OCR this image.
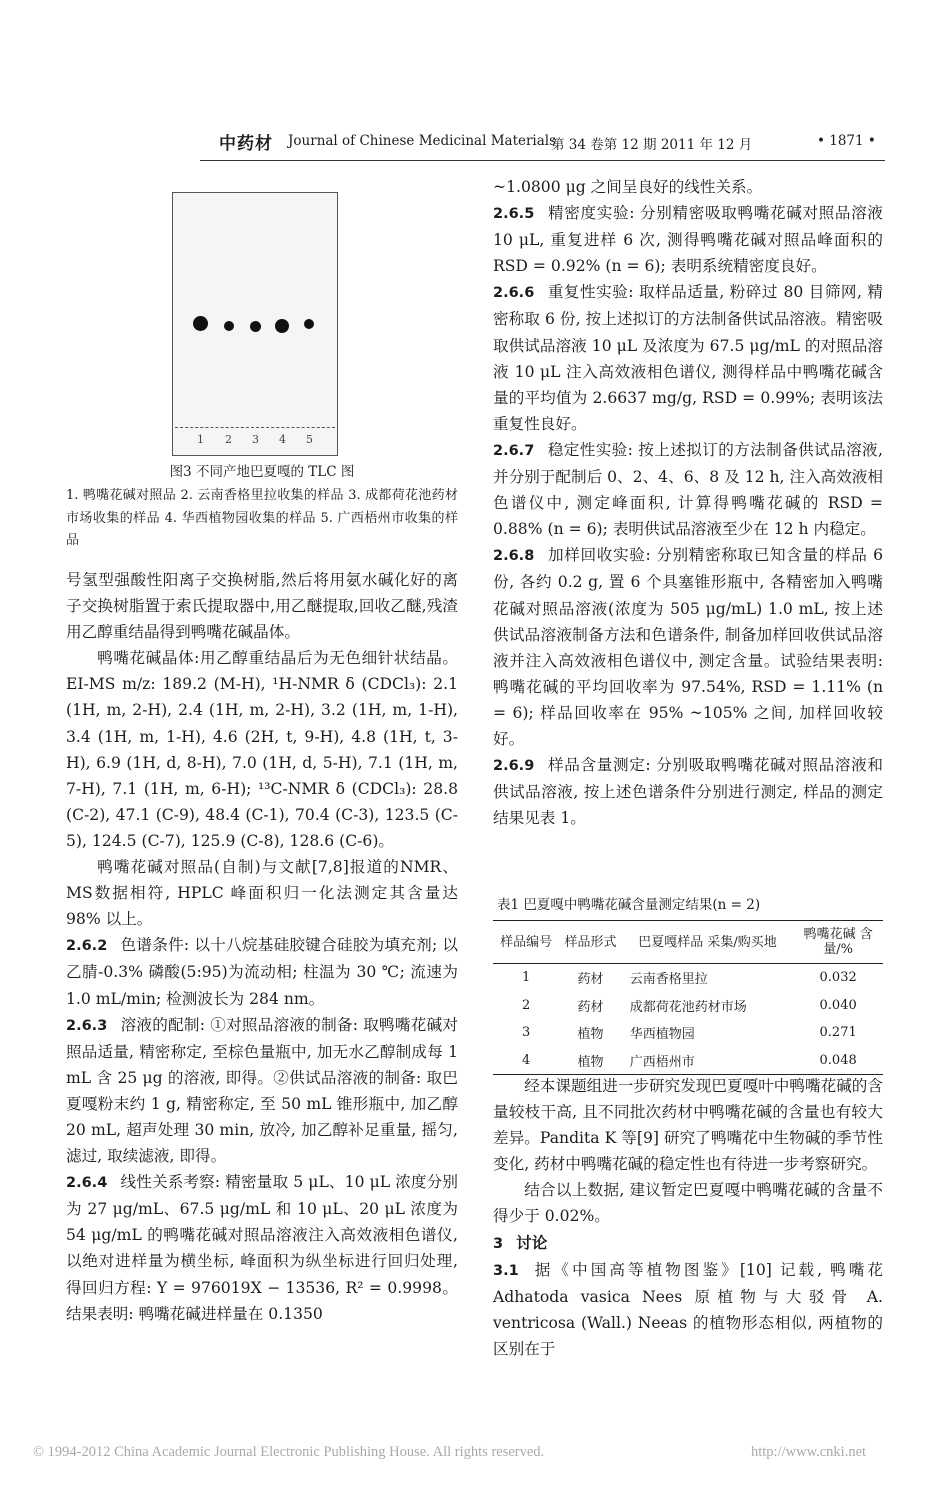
中药材 Journal of Chinese Medicinal Materials
第 34 卷第 12 期 2011 年 12 月	• 1871 •
1 2 3 4 5
图3 不同产地巴夏嘎的 TLC 图
1. 鸭嘴花碱对照品 2. 云南香格里拉收集的样品 3. 成都荷花池药材市场收集的样品 4. 华西植物园收集的样品 5. 广西梧州市收集的样品

号氢型强酸性阳离子交换树脂,然后将用氨水碱化好的离子交换树脂置于索氏提取器中,用乙醚提取,回收乙醚,残渣用乙醇重结晶得到鸭嘴花碱晶体。

鸭嘴花碱晶体:用乙醇重结晶后为无色细针状结晶。EI-MS m/z: 189.2 (M-H), ¹H-NMR δ (CDCl₃): 2.1 (1H, m, 2-H), 2.4 (1H, m, 2-H), 3.2 (1H, m, 1-H), 3.4 (1H, m, 1-H), 4.6 (2H, t, 9-H), 4.8 (1H, t, 3-H), 6.9 (1H, d, 8-H), 7.0 (1H, d, 5-H), 7.1 (1H, m, 7-H), 7.1 (1H, m, 6-H); ¹³C-NMR δ (CDCl₃): 28.8 (C-2), 47.1 (C-9), 48.4 (C-1), 70.4 (C-3), 123.5 (C-5), 124.5 (C-7), 125.9 (C-8), 128.6 (C-6)。

鸭嘴花碱对照品(自制)与文献[7,8]报道的NMR、MS数据相符, HPLC 峰面积归一化法测定其含量达 98% 以上。

2.6.2 色谱条件: 以十八烷基硅胶键合硅胶为填充剂; 以乙腈-0.3% 磷酸(5:95)为流动相; 柱温为 30 ℃; 流速为 1.0 mL/min; 检测波长为 284 nm。

2.6.3 溶液的配制: ①对照品溶液的制备: 取鸭嘴花碱对照品适量, 精密称定, 至棕色量瓶中, 加无水乙醇制成每 1 mL 含 25 μg 的溶液, 即得。②供试品溶液的制备: 取巴夏嘎粉末约 1 g, 精密称定, 至 50 mL 锥形瓶中, 加乙醇 20 mL, 超声处理 30 min, 放冷, 加乙醇补足重量, 摇匀, 滤过, 取续滤液, 即得。

2.6.4 线性关系考察: 精密量取 5 μL、10 μL 浓度分别为 27 μg/mL、67.5 μg/mL 和 10 μL、20 μL 浓度为 54 μg/mL 的鸭嘴花碱对照品溶液注入高效液相色谱仪, 以绝对进样量为横坐标, 峰面积为纵坐标进行回归处理, 得回归方程: Y = 976019X − 13536, R² = 0.9998。结果表明: 鸭嘴花碱进样量在 0.1350

~1.0800 μg 之间呈良好的线性关系。

2.6.5 精密度实验: 分别精密吸取鸭嘴花碱对照品溶液 10 μL, 重复进样 6 次, 测得鸭嘴花碱对照品峰面积的 RSD = 0.92% (n = 6); 表明系统精密度良好。

2.6.6 重复性实验: 取样品适量, 粉碎过 80 目筛网, 精密称取 6 份, 按上述拟订的方法制备供试品溶液。精密吸取供试品溶液 10 μL 及浓度为 67.5 μg/mL 的对照品溶液 10 μL 注入高效液相色谱仪, 测得样品中鸭嘴花碱含量的平均值为 2.6637 mg/g, RSD = 0.99%; 表明该法重复性良好。

2.6.7 稳定性实验: 按上述拟订的方法制备供试品溶液, 并分别于配制后 0、2、4、6、8 及 12 h, 注入高效液相色谱仪中, 测定峰面积, 计算得鸭嘴花碱的 RSD = 0.88% (n = 6); 表明供试品溶液至少在 12 h 内稳定。

2.6.8 加样回收实验: 分别精密称取已知含量的样品 6 份, 各约 0.2 g, 置 6 个具塞锥形瓶中, 各精密加入鸭嘴花碱对照品溶液(浓度为 505 μg/mL) 1.0 mL, 按上述供试品溶液制备方法和色谱条件, 制备加样回收供试品溶液并注入高效液相色谱仪中, 测定含量。试验结果表明: 鸭嘴花碱的平均回收率为 97.54%, RSD = 1.11% (n = 6); 样品回收率在 95% ~105% 之间, 加样回收较好。

2.6.9 样品含量测定: 分别吸取鸭嘴花碱对照品溶液和供试品溶液, 按上述色谱条件分别进行测定, 样品的测定结果见表 1。

表1 巴夏嘎中鸭嘴花碱含量测定结果(n = 2)
样品编号	样品形式	巴夏嘎样品 采集/购买地	鸭嘴花碱 含量/%
1	药材	云南香格里拉	0.032
2	药材	成都荷花池药材市场	0.040
3	植物	华西植物园	0.271
4	植物	广西梧州市	0.048

经本课题组进一步研究发现巴夏嘎叶中鸭嘴花碱的含量较枝干高, 且不同批次药材中鸭嘴花碱的含量也有较大差异。Pandita K 等[9] 研究了鸭嘴花中生物碱的季节性变化, 药材中鸭嘴花碱的稳定性也有待进一步考察研究。

结合以上数据, 建议暂定巴夏嘎中鸭嘴花碱的含量不得少于 0.02%。

3 讨论

3.1 据《中国高等植物图鉴》[10] 记载, 鸭嘴花 Adhatoda vasica Nees 原植物与大驳骨 A. ventricosa (Wall.) Neeas 的植物形态相似, 两植物的区别在于

© 1994-2012 China Academic Journal Electronic Publishing House. All rights reserved.	http://www.cnki.net
